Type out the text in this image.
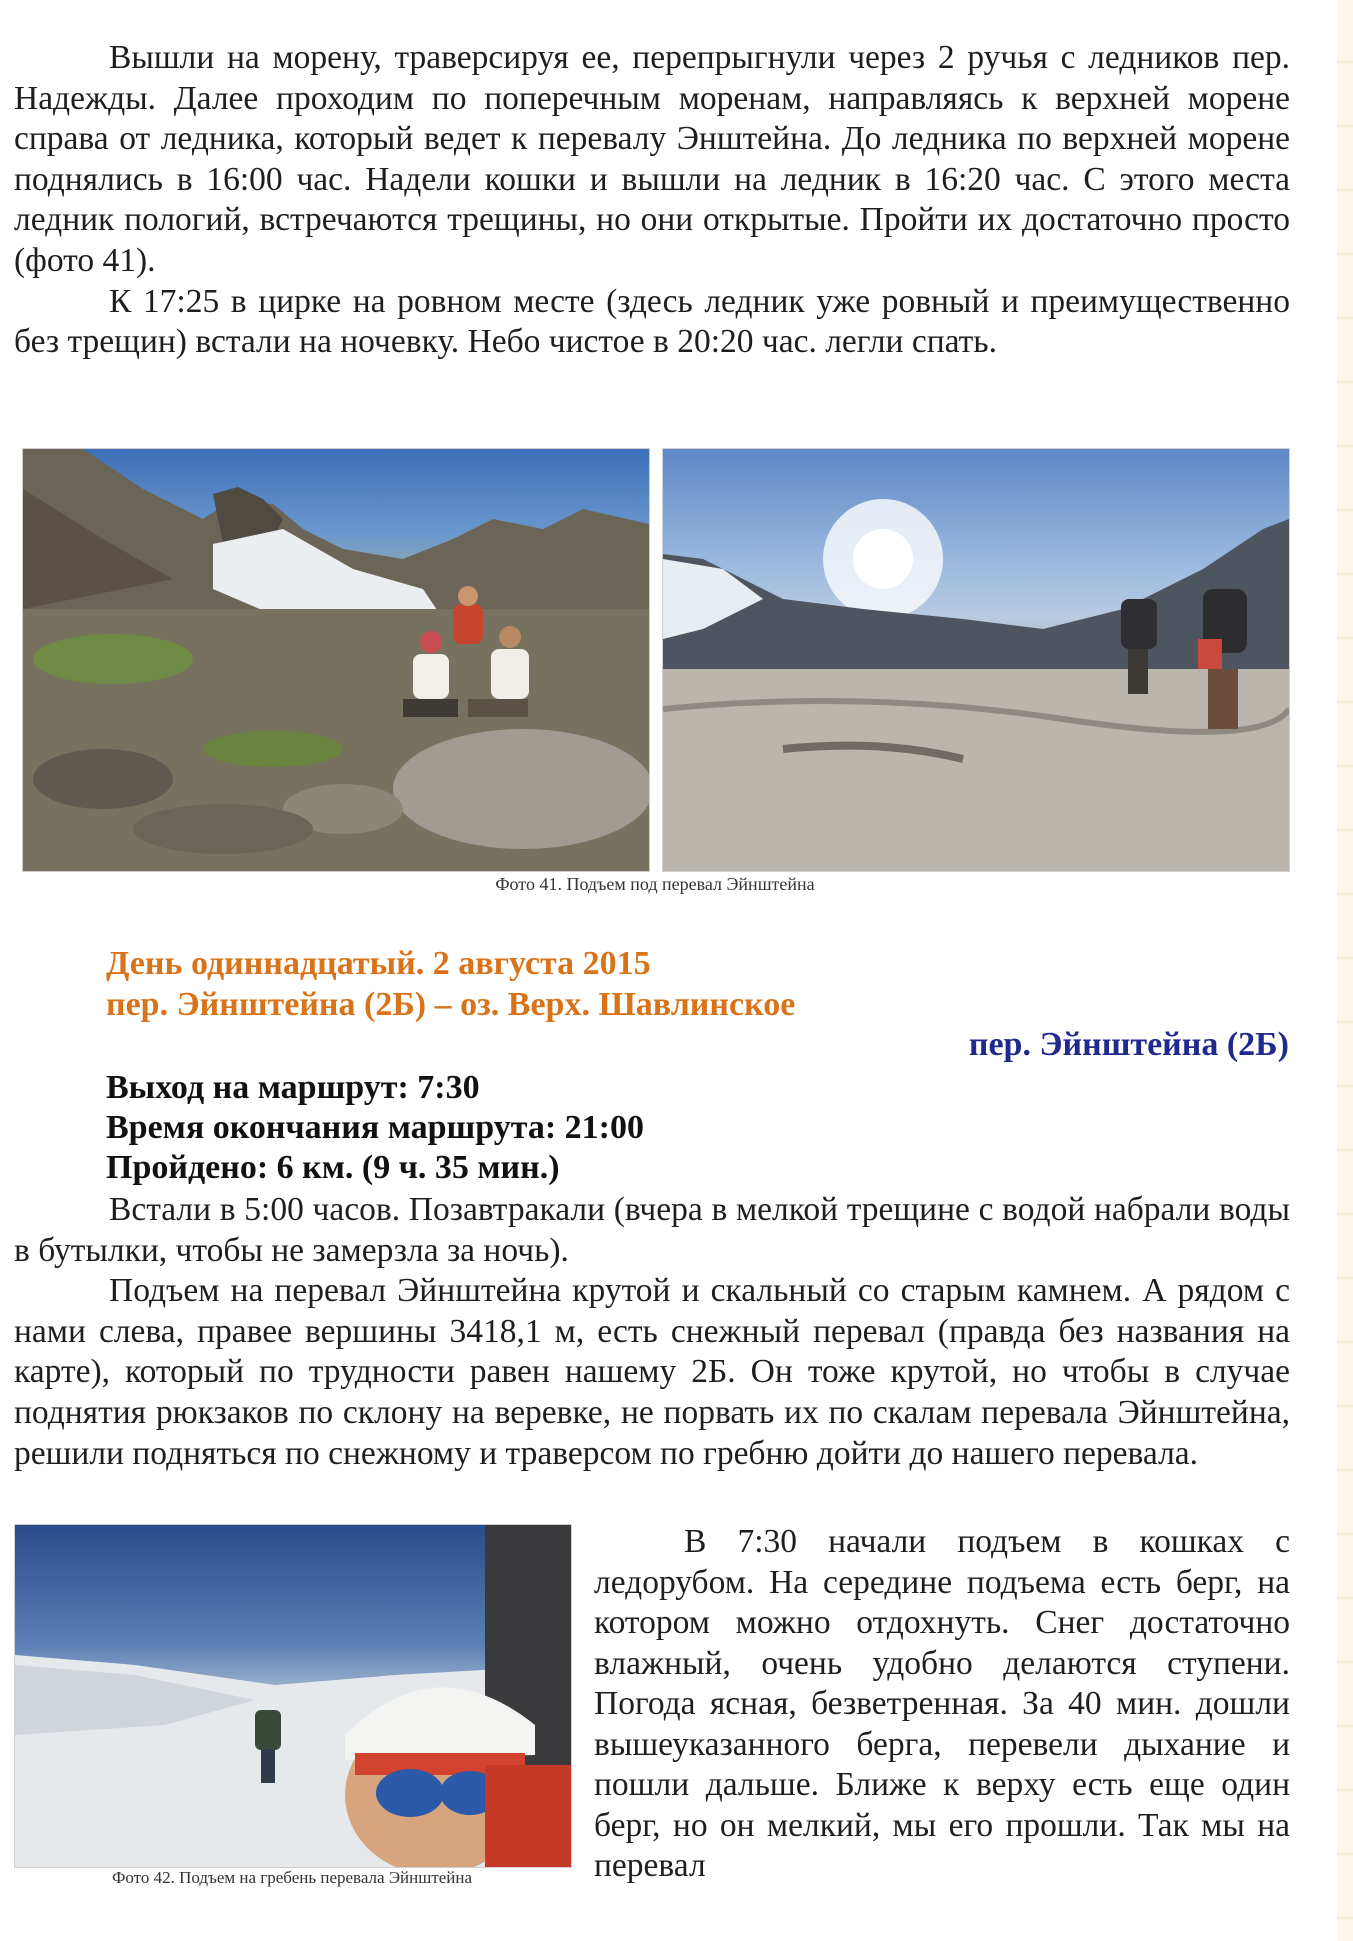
Вышли на морену, траверсируя ее, перепрыгнули через 2 ручья с ледников пер. Надежды. Далее проходим по поперечным моренам, направляясь к верхней морене справа от ледника, который ведет к перевалу Энштейна. До ледника по верхней морене поднялись в 16:00 час. Надели кошки и вышли на ледник в 16:20 час. С этого места ледник пологий, встречаются трещины, но они открытые. Пройти их достаточно просто (фото 41).

К 17:25 в цирке на ровном месте (здесь ледник уже ровный и преимущественно без трещин) встали на ночевку. Небо чистое в 20:20 час. легли спать.

Фото 41. Подъем под перевал Эйнштейна
День одиннадцатый. 2 августа 2015
пер. Эйнштейна (2Б) – оз. Верх. Шавлинское
пер. Эйнштейна (2Б)
Выход на маршрут: 7:30
Время окончания маршрута: 21:00
Пройдено: 6 км. (9 ч. 35 мин.)

Встали в 5:00 часов. Позавтракали (вчера в мелкой трещине с водой набрали воды в бутылки, чтобы не замерзла за ночь).

Подъем на перевал Эйнштейна крутой и скальный со старым камнем. А рядом с нами слева, правее вершины 3418,1 м, есть снежный перевал (правда без названия на карте), который по трудности равен нашему 2Б. Он тоже крутой, но чтобы в случае поднятия рюкзаков по склону на веревке, не порвать их по скалам перевала Эйнштейна, решили подняться по снежному и траверсом по гребню дойти до нашего перевала.

Фото 42. Подъем на гребень перевала Эйнштейна

В 7:30 начали подъем в кошках с ледорубом. На середине подъема есть берг, на котором можно отдохнуть. Снег достаточно влажный, очень удобно делаются ступени. Погода ясная, безветренная. За 40 мин. дошли вышеуказанного берга, перевели дыхание и пошли дальше. Ближе к верху есть еще один берг, но он мелкий, мы его прошли. Так мы на перевал
